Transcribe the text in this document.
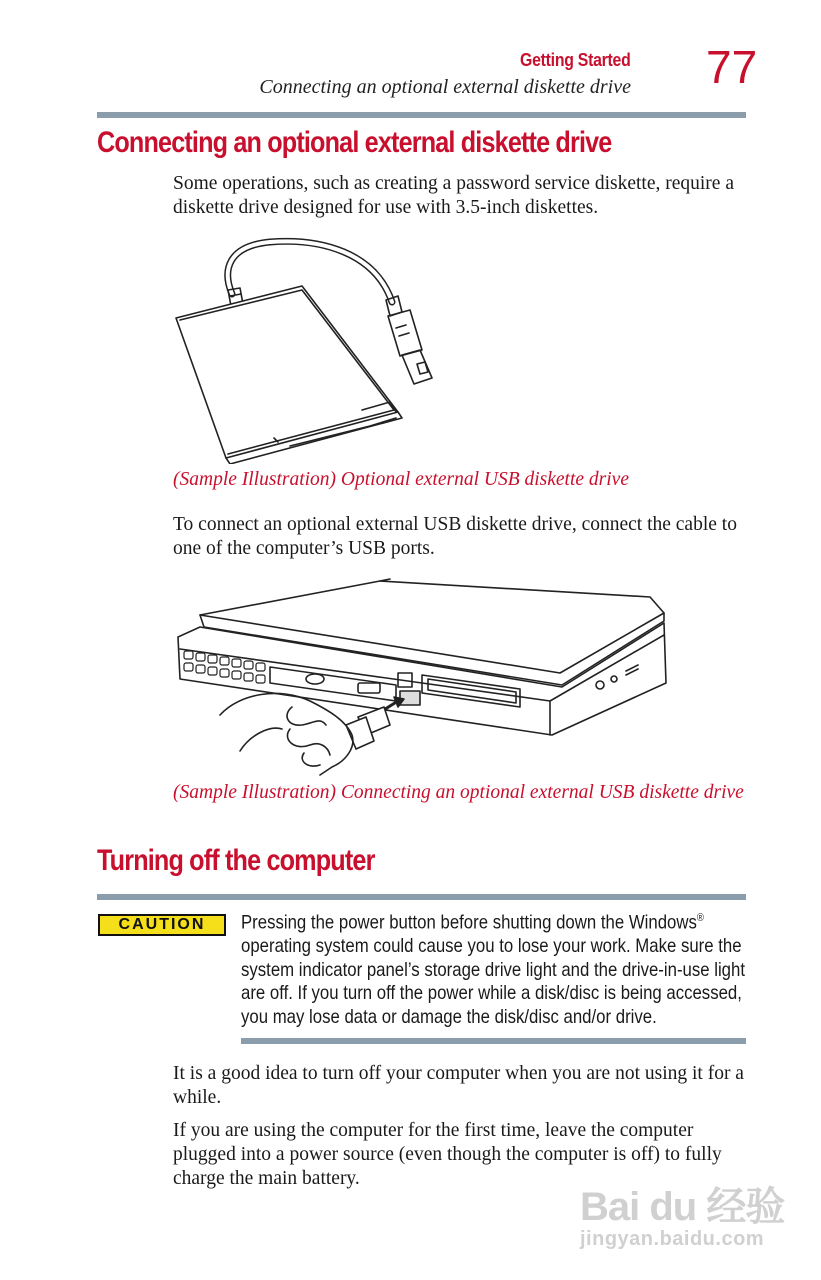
Getting Started
Connecting an optional external diskette drive 77
Connecting an optional external diskette drive
Some operations, such as creating a password service diskette, require a diskette drive designed for use with 3.5-inch diskettes.
(Sample Illustration) Optional external USB diskette drive
To connect an optional external USB diskette drive, connect the cable to one of the computer’s USB ports.
(Sample Illustration) Connecting an optional external USB diskette drive
Turning off the computer
CAUTION	Pressing the power button before shutting down the Windows® operating system could cause you to lose your work. Make sure the system indicator panel’s storage drive light and the drive-in-use light are off. If you turn off the power while a disk/disc is being accessed, you may lose data or damage the disk/disc and/or drive.
It is a good idea to turn off your computer when you are not using it for a while.
If you are using the computer for the first time, leave the computer plugged into a power source (even though the computer is off) to fully charge the main battery.
Bai du 经验
jingyan.baidu.com
